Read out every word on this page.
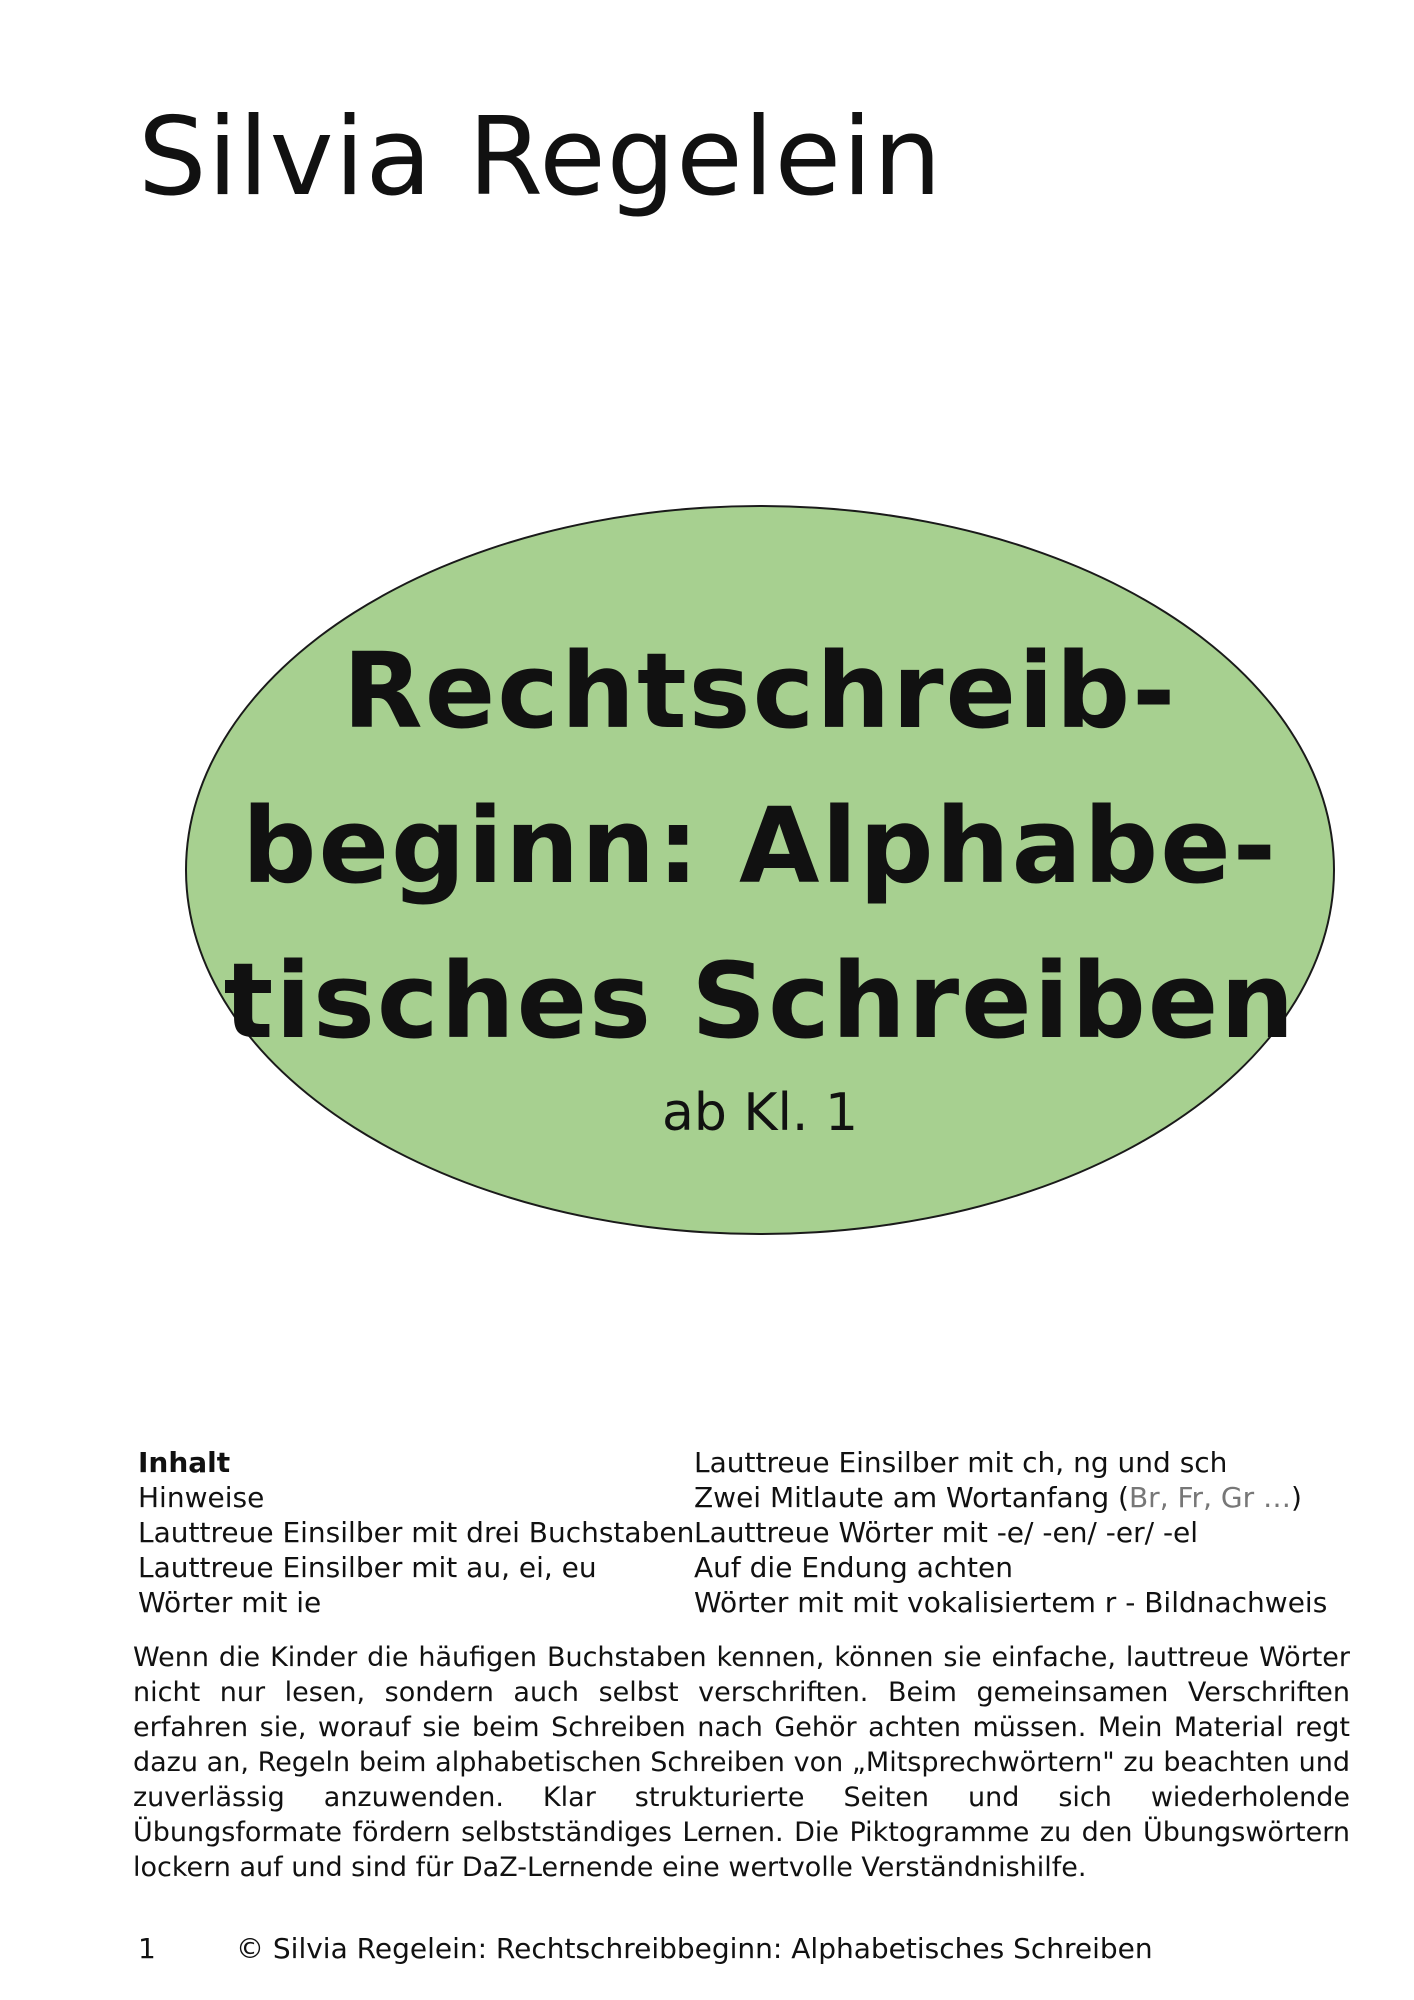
Silvia Regelein
Rechtschreib-
beginn: Alphabe-
tisches Schreiben
ab Kl. 1
Inhalt
Hinweise
Lauttreue Einsilber mit drei Buchstaben
Lauttreue Einsilber mit au, ei, eu
Wörter mit ie
Lauttreue Einsilber mit ch, ng und sch
Zwei Mitlaute am Wortanfang (Br, Fr, Gr …)
Lauttreue Wörter mit -e/ -en/ -er/ -el
Auf die Endung achten
Wörter mit mit vokalisiertem r - Bildnachweis
Wenn die Kinder die häufigen Buchstaben kennen, können sie einfache, lauttreue Wörter nicht nur lesen, sondern auch selbst verschriften. Beim gemeinsamen Verschriften erfahren sie, worauf sie beim Schreiben nach Gehör achten müssen. Mein Material regt dazu an, Regeln beim alphabetischen Schreiben von „Mitsprechwörtern" zu beachten und zuverlässig anzuwenden. Klar strukturierte Seiten und sich wiederholende Übungsformate fördern selbstständiges Lernen. Die Piktogramme zu den Übungswörtern lockern auf und sind für DaZ-Lernende eine wertvolle Verständnishilfe.
1	© Silvia Regelein: Rechtschreibbeginn: Alphabetisches Schreiben
